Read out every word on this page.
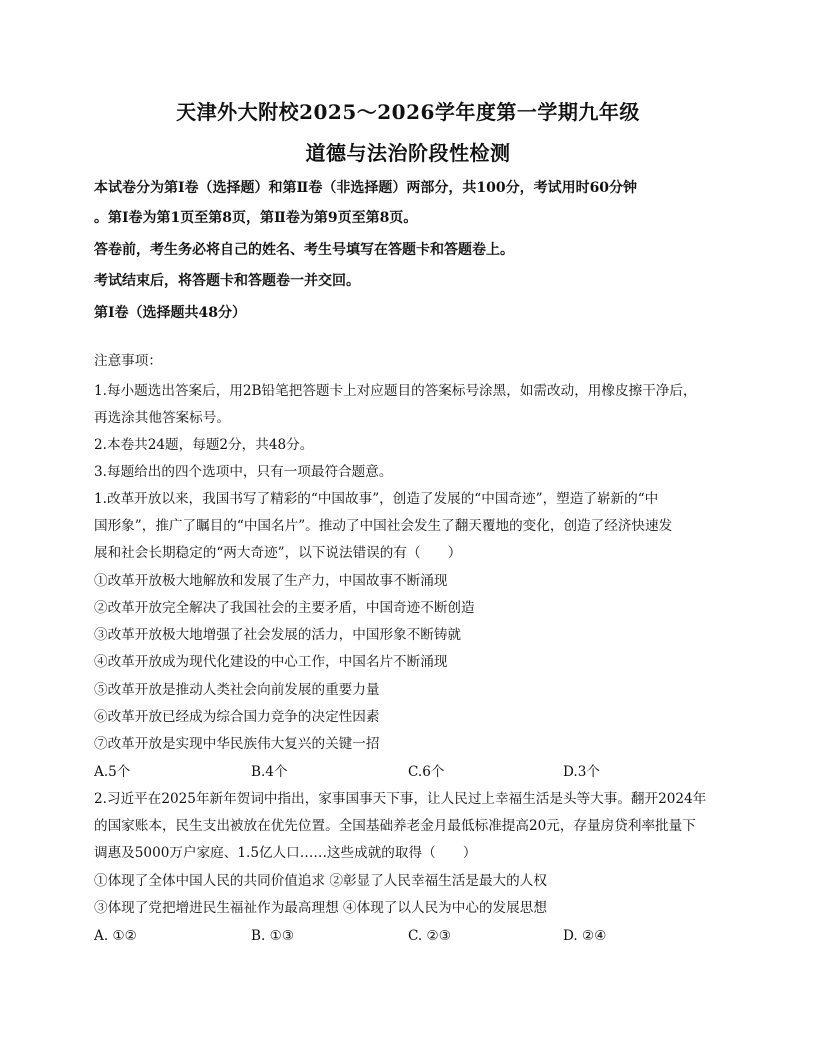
天津外大附校2025～2026学年度第一学期九年级
道德与法治阶段性检测
本试卷分为第Ⅰ卷（选择题）和第Ⅱ卷（非选择题）两部分，共100分，考试用时60分钟
。第Ⅰ卷为第1页至第8页，第Ⅱ卷为第9页至第8页。
答卷前，考生务必将自己的姓名、考生号填写在答题卡和答题卷上。
考试结束后，将答题卡和答题卷一并交回。
第Ⅰ卷（选择题共48分）
注意事项：
1.每小题选出答案后，用2B铅笔把答题卡上对应题目的答案标号涂黑，如需改动，用橡皮擦干净后，
再选涂其他答案标号。
2.本卷共24题，每题2分，共48分。
3.每题给出的四个选项中，只有一项最符合题意。
1.改革开放以来，我国书写了精彩的“中国故事”，创造了发展的“中国奇迹”，塑造了崭新的“中
国形象”，推广了瞩目的“中国名片”。推动了中国社会发生了翻天覆地的变化，创造了经济快速发
展和社会长期稳定的“两大奇迹”，以下说法错误的有（　　）
①改革开放极大地解放和发展了生产力，中国故事不断涌现
②改革开放完全解决了我国社会的主要矛盾，中国奇迹不断创造
③改革开放极大地增强了社会发展的活力，中国形象不断铸就
④改革开放成为现代化建设的中心工作，中国名片不断涌现
⑤改革开放是推动人类社会向前发展的重要力量
⑥改革开放已经成为综合国力竞争的决定性因素
⑦改革开放是实现中华民族伟大复兴的关键一招
A.5个	B.4个	C.6个	D.3个
2.习近平在2025年新年贺词中指出，家事国事天下事，让人民过上幸福生活是头等大事。翻开2024年
的国家账本，民生支出被放在优先位置。全国基础养老金月最低标准提高20元，存量房贷利率批量下
调惠及5000万户家庭、1.5亿人口……这些成就的取得（　　）
①体现了全体中国人民的共同价值追求 ②彰显了人民幸福生活是最大的人权
③体现了党把增进民生福祉作为最高理想 ④体现了以人民为中心的发展思想
A. ①②	B. ①③	C. ②③	D. ②④
